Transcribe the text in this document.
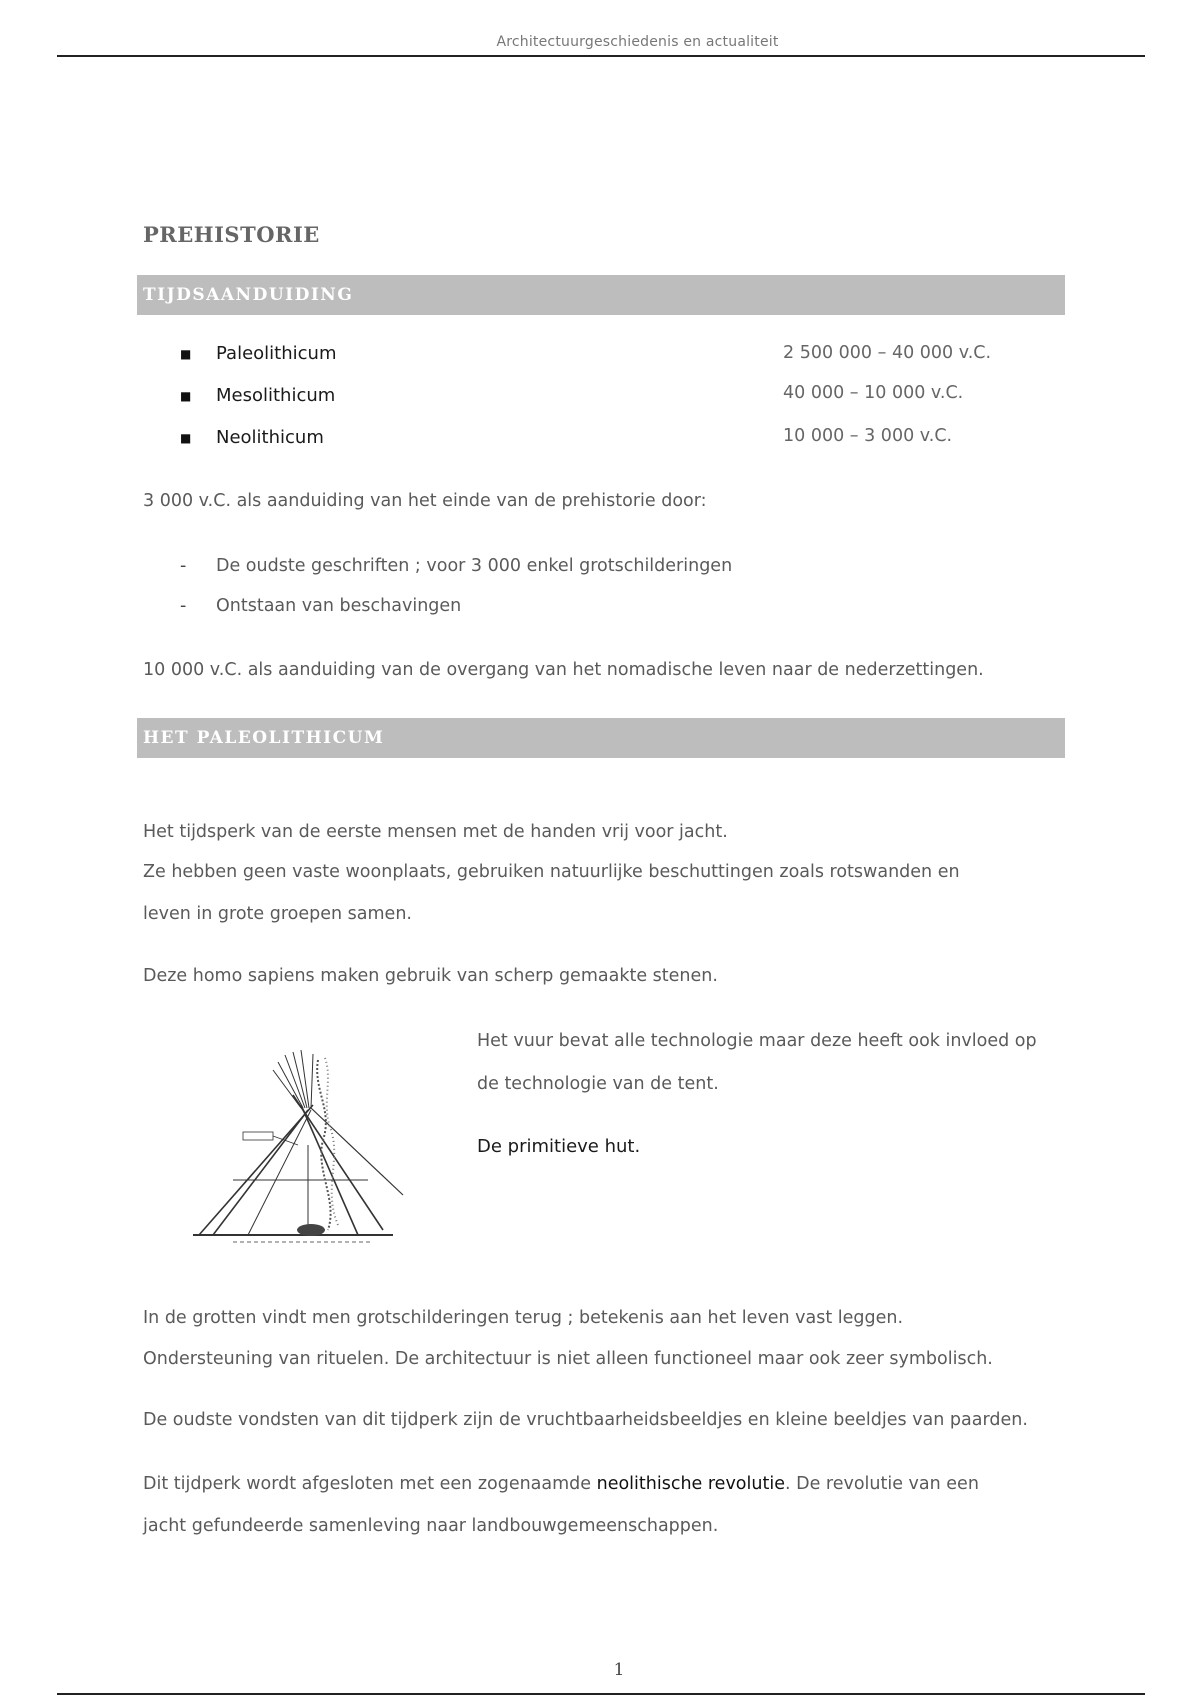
Architectuurgeschiedenis en actualiteit
PREHISTORIE
TIJDSAANDUIDING
■ Paleolithicum	2 500 000 – 40 000 v.C.
■ Mesolithicum	40 000 – 10 000 v.C.
■ Neolithicum	10 000 – 3 000 v.C.
3 000 v.C. als aanduiding van het einde van de prehistorie door:
- De oudste geschriften ; voor 3 000 enkel grotschilderingen
- Ontstaan van beschavingen
10 000 v.C. als aanduiding van de overgang van het nomadische leven naar de nederzettingen.
HET PALEOLITHICUM
Het tijdsperk van de eerste mensen met de handen vrij voor jacht.
Ze hebben geen vaste woonplaats, gebruiken natuurlijke beschuttingen zoals rotswanden en
leven in grote groepen samen.
Deze homo sapiens maken gebruik van scherp gemaakte stenen.
Het vuur bevat alle technologie maar deze heeft ook invloed op
de technologie van de tent.
De primitieve hut.
In de grotten vindt men grotschilderingen terug ; betekenis aan het leven vast leggen.
Ondersteuning van rituelen. De architectuur is niet alleen functioneel maar ook zeer symbolisch.
De oudste vondsten van dit tijdperk zijn de vruchtbaarheidsbeeldjes en kleine beeldjes van paarden.
Dit tijdperk wordt afgesloten met een zogenaamde neolithische revolutie. De revolutie van een
jacht gefundeerde samenleving naar landbouwgemeenschappen.
1
